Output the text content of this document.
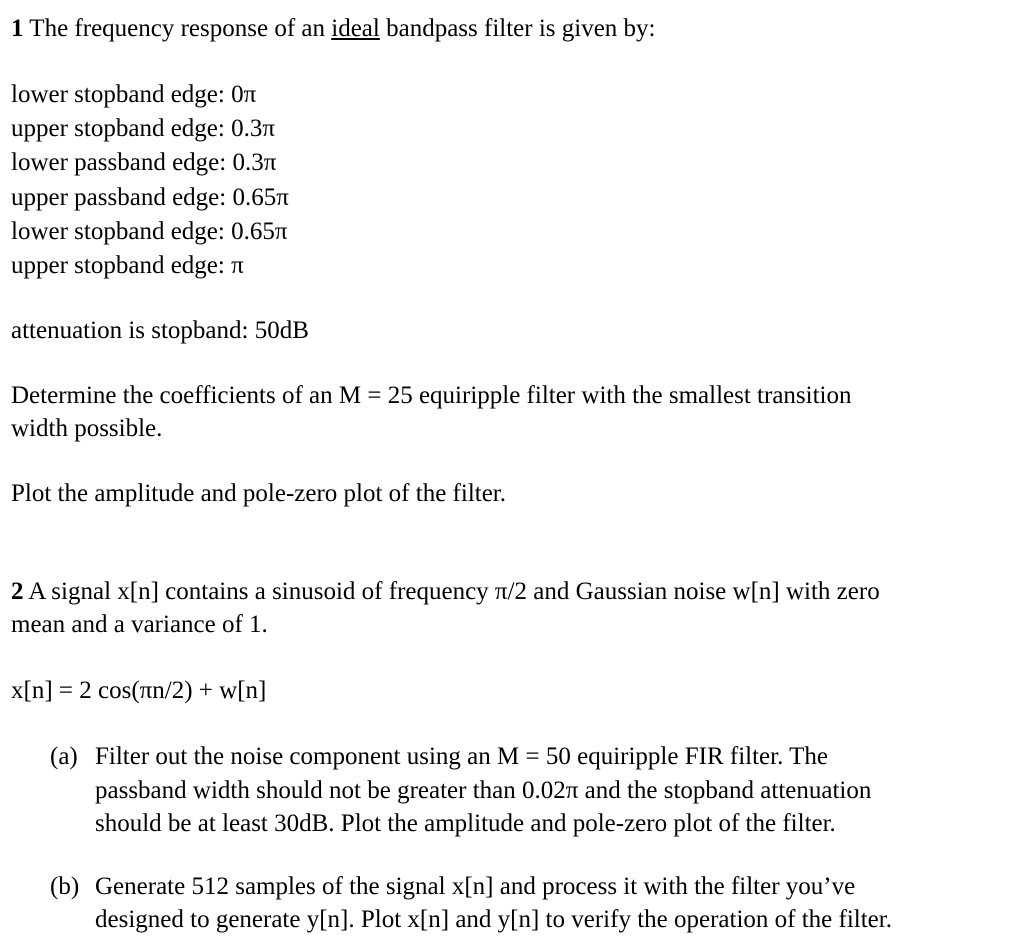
1 The frequency response of an ideal bandpass filter is given by:
lower stopband edge: 0π
upper stopband edge: 0.3π
lower passband edge: 0.3π
upper passband edge: 0.65π
lower stopband edge: 0.65π
upper stopband edge: π
attenuation is stopband: 50dB
Determine the coefficients of an M = 25 equiripple filter with the smallest transition
width possible.
Plot the amplitude and pole-zero plot of the filter.
2 A signal x[n] contains a sinusoid of frequency π/2 and Gaussian noise w[n] with zero
mean and a variance of 1.
x[n] = 2 cos(πn/2) + w[n]
(a) Filter out the noise component using an M = 50 equiripple FIR filter. The
passband width should not be greater than 0.02π and the stopband attenuation
should be at least 30dB. Plot the amplitude and pole-zero plot of the filter.
(b) Generate 512 samples of the signal x[n] and process it with the filter you’ve
designed to generate y[n]. Plot x[n] and y[n] to verify the operation of the filter.
